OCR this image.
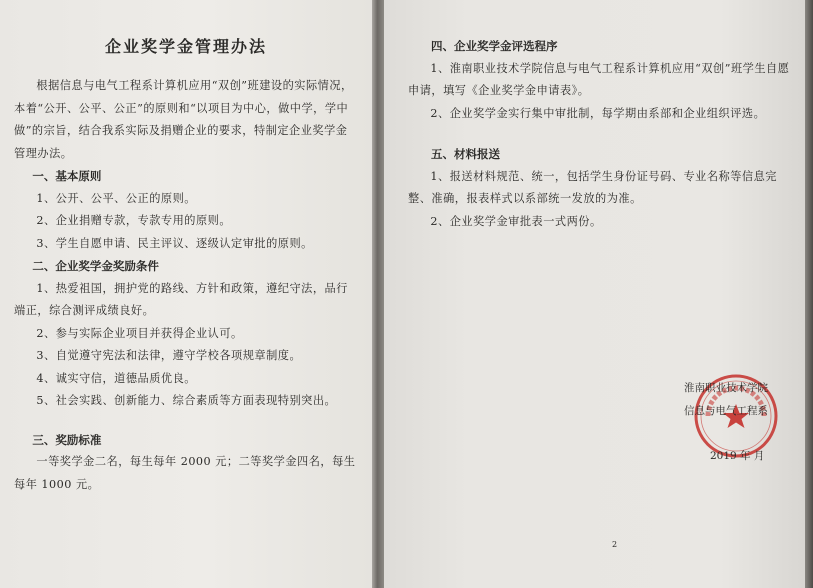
企业奖学金管理办法

根据信息与电气工程系计算机应用“双创”班建设的实际情况，本着“公开、公平、公正”的原则和“以项目为中心，做中学，学中做”的宗旨，结合我系实际及捐赠企业的要求，特制定企业奖学金管理办法。

一、基本原则

1、公开、公平、公正的原则。

2、企业捐赠专款，专款专用的原则。

3、学生自愿申请、民主评议、逐级认定审批的原则。

二、企业奖学金奖励条件

1、热爱祖国，拥护党的路线、方针和政策，遵纪守法，品行端正，综合测评成绩良好。

2、参与实际企业项目并获得企业认可。

3、自觉遵守宪法和法律，遵守学校各项规章制度。

4、诚实守信，道德品质优良。

5、社会实践、创新能力、综合素质等方面表现特别突出。

三、奖励标准

一等奖学金二名，每生每年 2000 元；二等奖学金四名，每生每年 1000 元。

四、企业奖学金评选程序

1、淮南职业技术学院信息与电气工程系计算机应用“双创”班学生自愿申请，填写《企业奖学金申请表》。

2、企业奖学金实行集中审批制，每学期由系部和企业组织评选。

五、材料报送

1、报送材料规范、统一，包括学生身份证号码、专业名称等信息完整、准确，报表样式以系部统一发放的为准。

2、企业奖学金审批表一式两份。

淮南职业技术学院

信息与电气工程系

2019 年 月

2
